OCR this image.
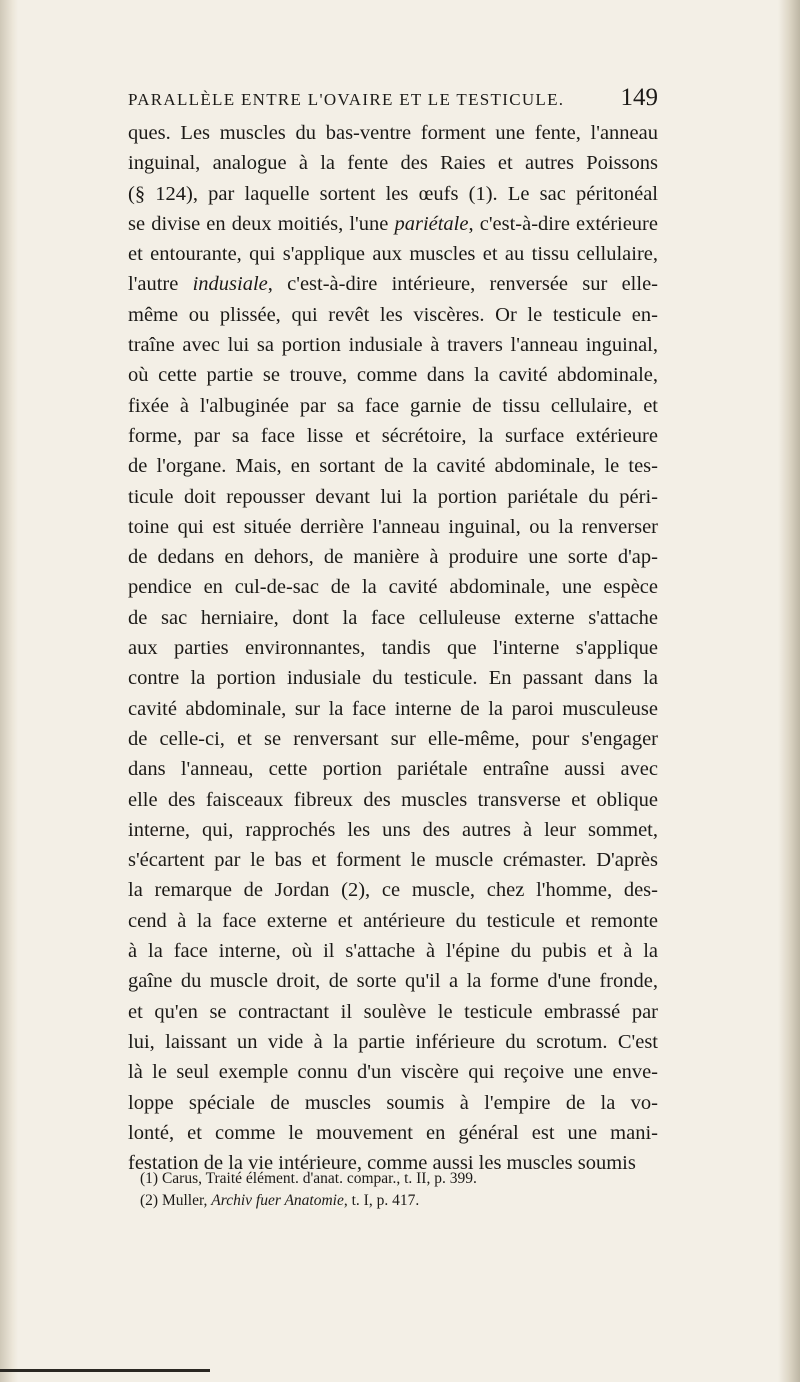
PARALLÈLE ENTRE L'OVAIRE ET LE TESTICULE. 149
ques. Les muscles du bas-ventre forment une fente, l'anneau
inguinal, analogue à la fente des Raies et autres Poissons
(§ 124), par laquelle sortent les œufs (1). Le sac péritonéal
se divise en deux moitiés, l'une pariétale, c'est-à-dire extérieure
et entourante, qui s'applique aux muscles et au tissu cellulaire,
l'autre indusiale, c'est-à-dire intérieure, renversée sur elle-
même ou plissée, qui revêt les viscères. Or le testicule en-
traîne avec lui sa portion indusiale à travers l'anneau inguinal,
où cette partie se trouve, comme dans la cavité abdominale,
fixée à l'albuginée par sa face garnie de tissu cellulaire, et
forme, par sa face lisse et sécrétoire, la surface extérieure
de l'organe. Mais, en sortant de la cavité abdominale, le tes-
ticule doit repousser devant lui la portion pariétale du péri-
toine qui est située derrière l'anneau inguinal, ou la renverser
de dedans en dehors, de manière à produire une sorte d'ap-
pendice en cul-de-sac de la cavité abdominale, une espèce
de sac herniaire, dont la face celluleuse externe s'attache
aux parties environnantes, tandis que l'interne s'applique
contre la portion indusiale du testicule. En passant dans la
cavité abdominale, sur la face interne de la paroi musculeuse
de celle-ci, et se renversant sur elle-même, pour s'engager
dans l'anneau, cette portion pariétale entraîne aussi avec
elle des faisceaux fibreux des muscles transverse et oblique
interne, qui, rapprochés les uns des autres à leur sommet,
s'écartent par le bas et forment le muscle crémaster. D'après
la remarque de Jordan (2), ce muscle, chez l'homme, des-
cend à la face externe et antérieure du testicule et remonte
à la face interne, où il s'attache à l'épine du pubis et à la
gaîne du muscle droit, de sorte qu'il a la forme d'une fronde,
et qu'en se contractant il soulève le testicule embrassé par
lui, laissant un vide à la partie inférieure du scrotum. C'est
là le seul exemple connu d'un viscère qui reçoive une enve-
loppe spéciale de muscles soumis à l'empire de la vo-
lonté, et comme le mouvement en général est une mani-
festation de la vie intérieure, comme aussi les muscles soumis
(1) Carus, Traité élément. d'anat. compar., t. II, p. 399.
(2) Muller, Archiv fuer Anatomie, t. I, p. 417.
